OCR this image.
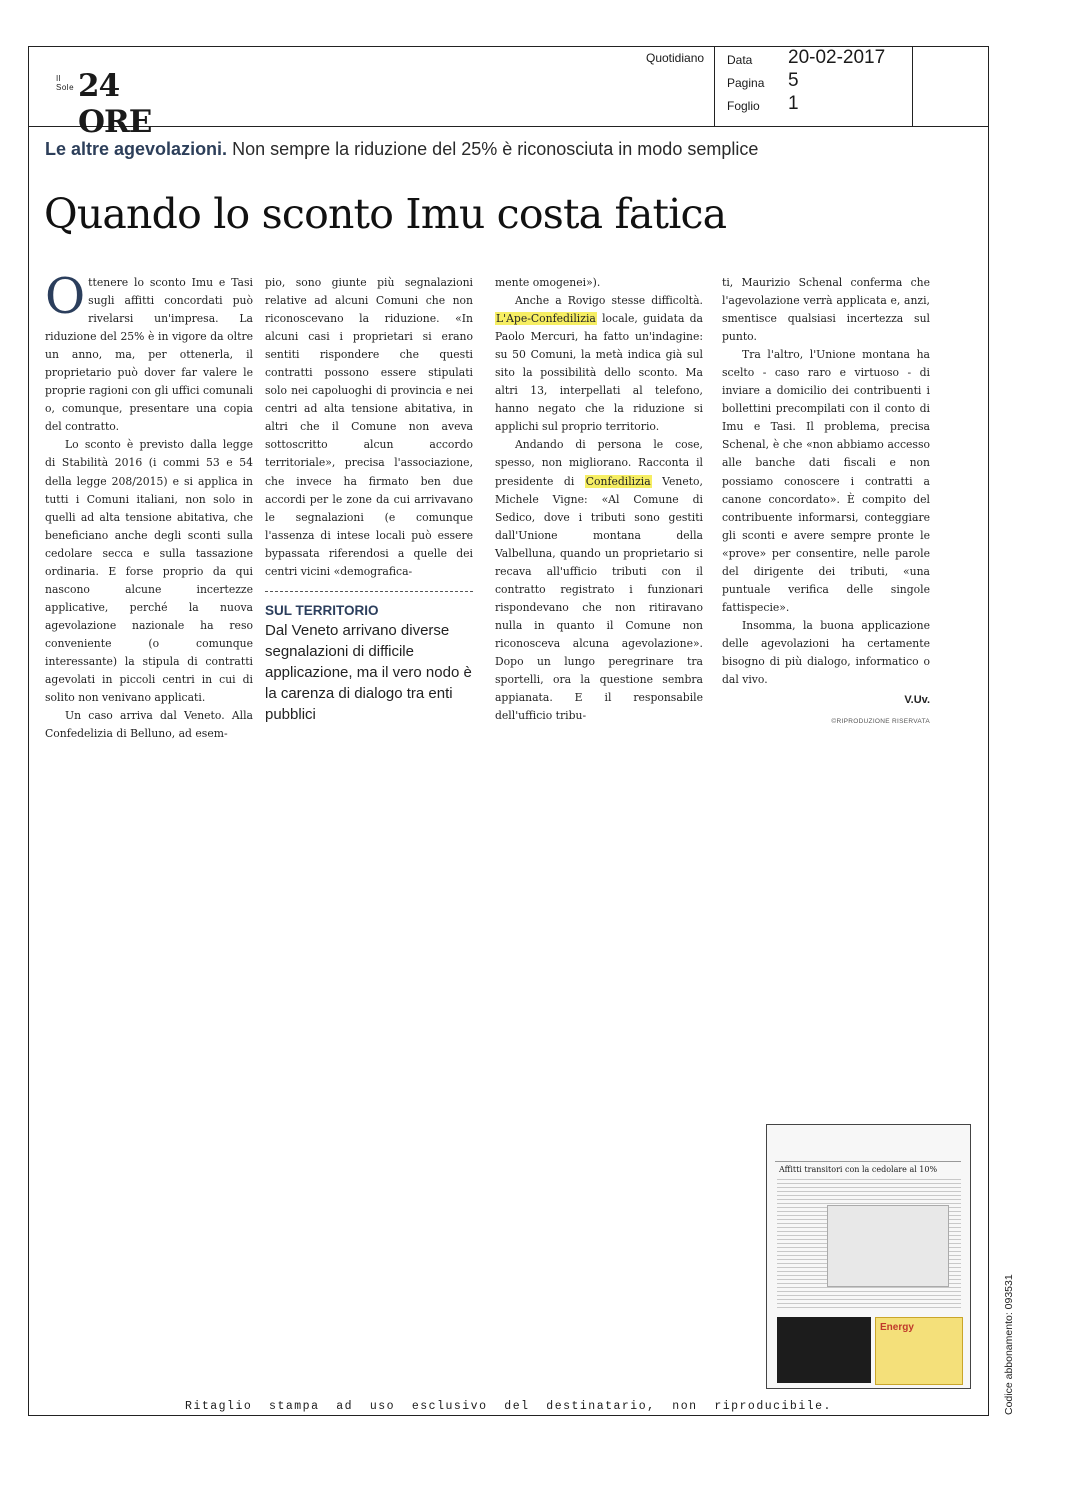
Il Sole 24 ORE
Quotidiano Data 20-02-2017
Pagina 5
Foglio 1
Le altre agevolazioni. Non sempre la riduzione del 25% è riconosciuta in modo semplice
Quando lo sconto Imu costa fatica

Ottenere lo sconto Imu e Tasi sugli affitti concordati può rivelarsi un'impresa. La riduzione del 25% è in vigore da oltre un anno, ma, per ottenerla, il proprietario può dover far valere le proprie ragioni con gli uffici comunali o, comunque, presentare una copia del contratto.

Lo sconto è previsto dalla legge di Stabilità 2016 (i commi 53 e 54 della legge 208/2015) e si applica in tutti i Comuni italiani, non solo in quelli ad alta tensione abitativa, che beneficiano anche degli sconti sulla cedolare secca e sulla tassazione ordinaria. E forse proprio da qui nascono alcune incertezze applicative, perché la nuova agevolazione nazionale ha reso conveniente (o comunque interessante) la stipula di contratti agevolati in piccoli centri in cui di solito non venivano applicati.

Un caso arriva dal Veneto. Alla Confedelizia di Belluno, ad esem-

pio, sono giunte più segnalazioni relative ad alcuni Comuni che non riconoscevano la riduzione. «In alcuni casi i proprietari si erano sentiti rispondere che questi contratti possono essere stipulati solo nei capoluoghi di provincia e nei centri ad alta tensione abitativa, in altri che il Comune non aveva sottoscritto alcun accordo territoriale», precisa l'associazione, che invece ha firmato ben due accordi per le zone da cui arrivavano le segnalazioni (e comunque l'assenza di intese locali può essere bypassata riferendosi a quelle dei centri vicini «demografica-

SUL TERRITORIO
Dal Veneto arrivano diverse segnalazioni di difficile applicazione, ma il vero nodo è la carenza di dialogo tra enti pubblici

mente omogenei»).

Anche a Rovigo stesse difficoltà. L'Ape-Confedilizia locale, guidata da Paolo Mercuri, ha fatto un'indagine: su 50 Comuni, la metà indica già sul sito la possibilità dello sconto. Ma altri 13, interpellati al telefono, hanno negato che la riduzione si applichi sul proprio territorio.

Andando di persona le cose, spesso, non migliorano. Racconta il presidente di Confedilizia Veneto, Michele Vigne: «Al Comune di Sedico, dove i tributi sono gestiti dall'Unione montana della Valbelluna, quando un proprietario si recava all'ufficio tributi con il contratto registrato i funzionari rispondevano che non ritiravano nulla in quanto il Comune non riconosceva alcuna agevolazione». Dopo un lungo peregrinare tra sportelli, ora la questione sembra appianata. E il responsabile dell'ufficio tribu-

ti, Maurizio Schenal conferma che l'agevolazione verrà applicata e, anzi, smentisce qualsiasi incertezza sul punto.

Tra l'altro, l'Unione montana ha scelto - caso raro e virtuoso - di inviare a domicilio dei contribuenti i bollettini precompilati con il conto di Imu e Tasi. Il problema, precisa Schenal, è che «non abbiamo accesso alle banche dati fiscali e non possiamo conoscere i contratti a canone concordato». È compito del contribuente informarsi, conteggiare gli sconti e avere sempre pronte le «prove» per consentire, nelle parole del dirigente dei tributi, «una puntuale verifica delle singole fattispecie».

Insomma, la buona applicazione delle agevolazioni ha certamente bisogno di più dialogo, informatico o dal vivo.

V.Uv.
©RIPRODUZIONE RISERVATA
Affitti transitori con la cedolare al 10%
Energy	Codice abbonamento: 093531
Ritaglio  stampa  ad  uso  esclusivo  del  destinatario,  non  riproducibile.
